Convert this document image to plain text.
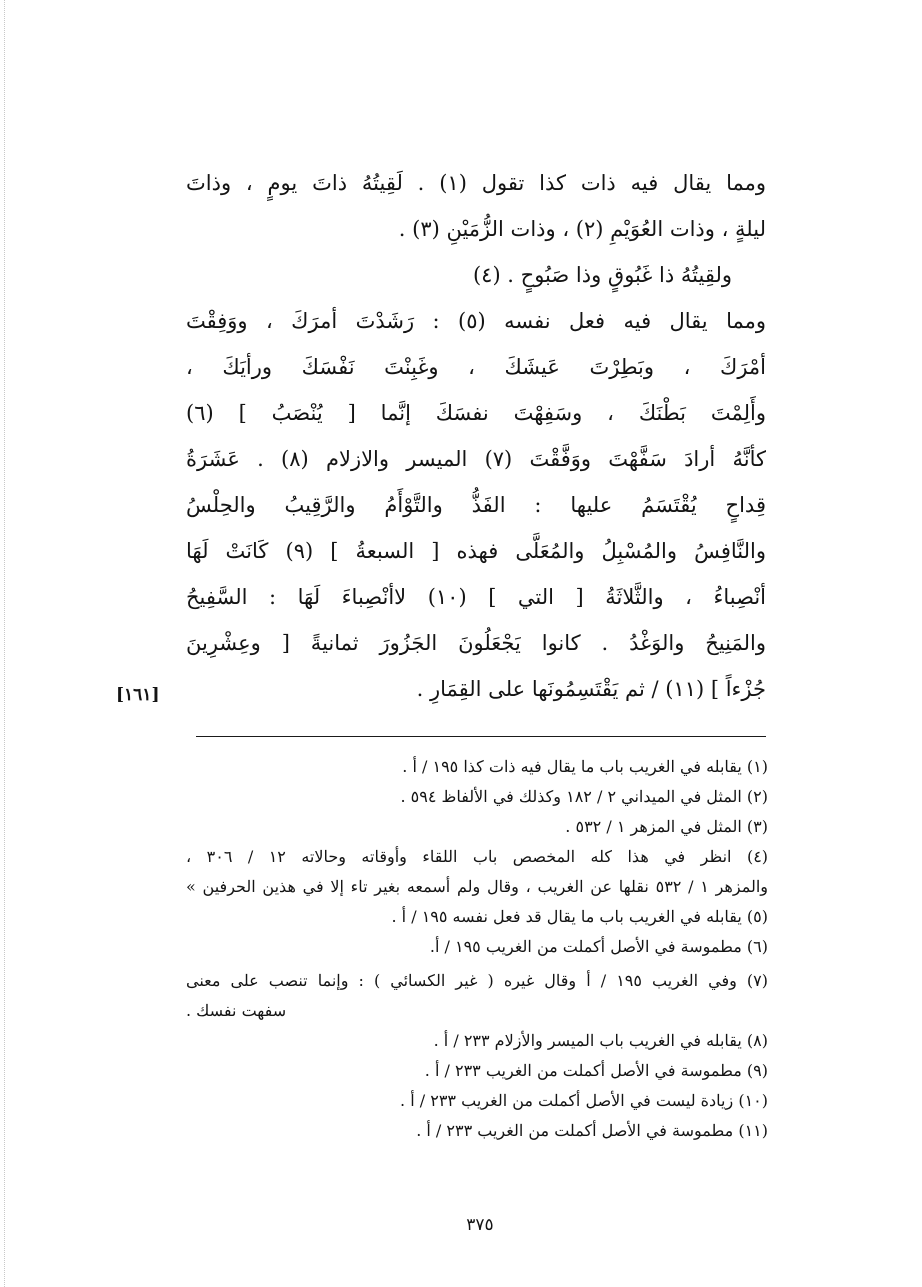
ومما يقال فيه ذات كذا تقول (١) . لَقِيتُهُ ذاتَ يومٍ ، وذاتَ
ليلةٍ ، وذات العُوَيْمِ (٢) ، وذات الزُّمَيْنِ (٣) .
ولقِيتُهُ ذا غَبُوقٍ وذا صَبُوحٍ . (٤)
ومما يقال فيه فعل نفسه (٥) : رَشَدْتَ أمرَكَ ، ووَفِقْتَ
أمْرَكَ ، وبَطِرْتَ عَيشَكَ ، وغَبِنْتَ نَفْسَكَ ورأيَكَ ،
وأَلِمْتَ بَطْنَكَ ، وسَفِهْتَ نفسَكَ إنَّما [ يُنْصَبُ ] (٦)
كأنَّهُ أرادَ سَفَّهْتَ ووَفَّقْتَ (٧) الميسر والازلام (٨) . عَشَرَةُ
قِداحٍ يُقْتَسَمُ عليها : الفَذُّ والتَّوْأَمُ والرَّقِيبُ والحِلْسُ
والنَّافِسُ والمُسْبِلُ والمُعَلَّى فهذه [ السبعةُ ] (٩) كَانَتْ لَهَا
أنْصِباءُ ، والثَّلاثَةُ [ التي ] (١٠) لاأنْصِباءَ لَهَا : السَّفِيحُ
والمَنِيحُ والوَغْدُ . كانوا يَجْعَلُونَ الجَزُورَ ثمانيةً [ وعِشْرِينَ
جُزْءاً ] (١١) / ثم يَقْتَسِمُونَها على القِمَارِ .
[١٦١]
(١) يقابله في الغريب باب ما يقال فيه ذات كذا ١٩٥ / أ .
(٢) المثل في الميداني ٢ / ١٨٢ وكذلك في الألفاظ ٥٩٤ .
(٣) المثل في المزهر ١ / ٥٣٢ .
(٤) انظر في هذا كله المخصص باب اللقاء وأوقاته وحالاته ١٢ / ٣٠٦ ،
والمزهر ١ / ٥٣٢ نقلها عن الغريب ، وقال ولم أسمعه بغير تاء إلا في هذين الحرفين »
(٥) يقابله في الغريب باب ما يقال قد فعل نفسه ١٩٥ / أ .
(٦) مطموسة في الأصل أكملت من الغريب ١٩٥ / أ.
(٧) وفي الغريب ١٩٥ / أ وقال غيره ( غير الكسائي ) : وإنما تنصب على معنى
سفهت نفسك .
(٨) يقابله في الغريب باب الميسر والأزلام ٢٣٣ / أ .
(٩) مطموسة في الأصل أكملت من الغريب ٢٣٣ / أ .
(١٠) زيادة ليست في الأصل أكملت من الغريب ٢٣٣ / أ .
(١١) مطموسة في الأصل أكملت من الغريب ٢٣٣ / أ .
٣٧٥
